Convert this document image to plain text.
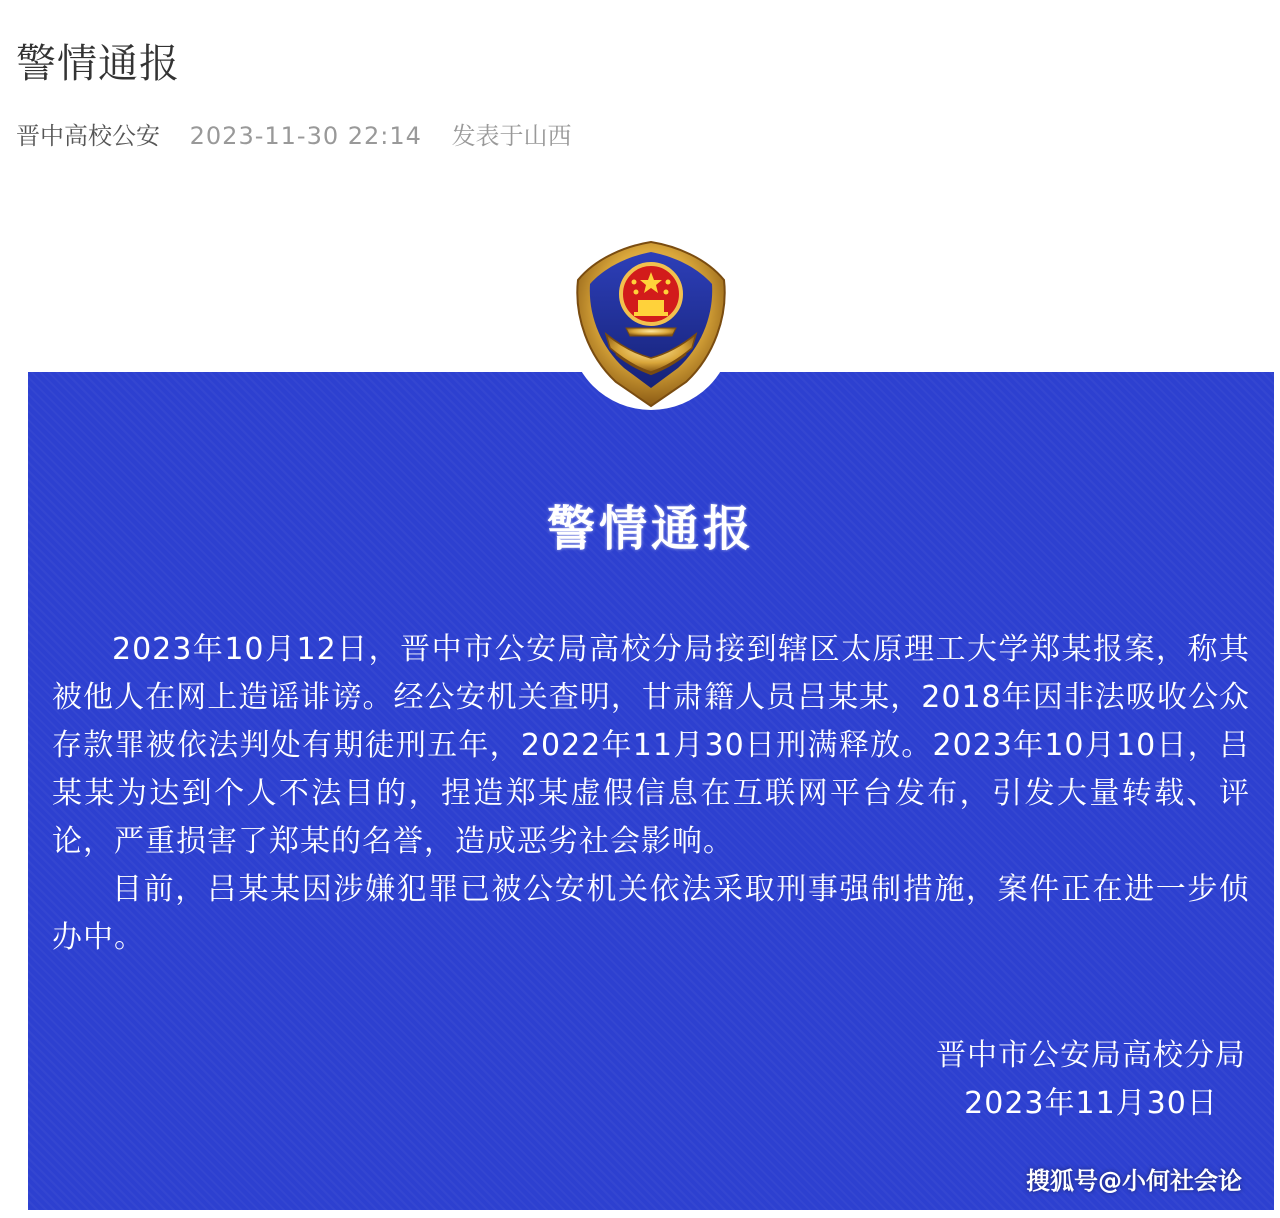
警情通报
晋中高校公安 2023-11-30 22:14 发表于山西
警情通报

2023年10月12日，晋中市公安局高校分局接到辖区太原理工大学郑某报案，称其被他人在网上造谣诽谤。经公安机关查明，甘肃籍人员吕某某，2018年因非法吸收公众存款罪被依法判处有期徒刑五年，2022年11月30日刑满释放。2023年10月10日，吕某某为达到个人不法目的，捏造郑某虚假信息在互联网平台发布，引发大量转载、评论，严重损害了郑某的名誉，造成恶劣社会影响。

目前，吕某某因涉嫌犯罪已被公安机关依法采取刑事强制措施，案件正在进一步侦办中。

晋中市公安局高校分局
2023年11月30日
搜狐号@小何社会论
